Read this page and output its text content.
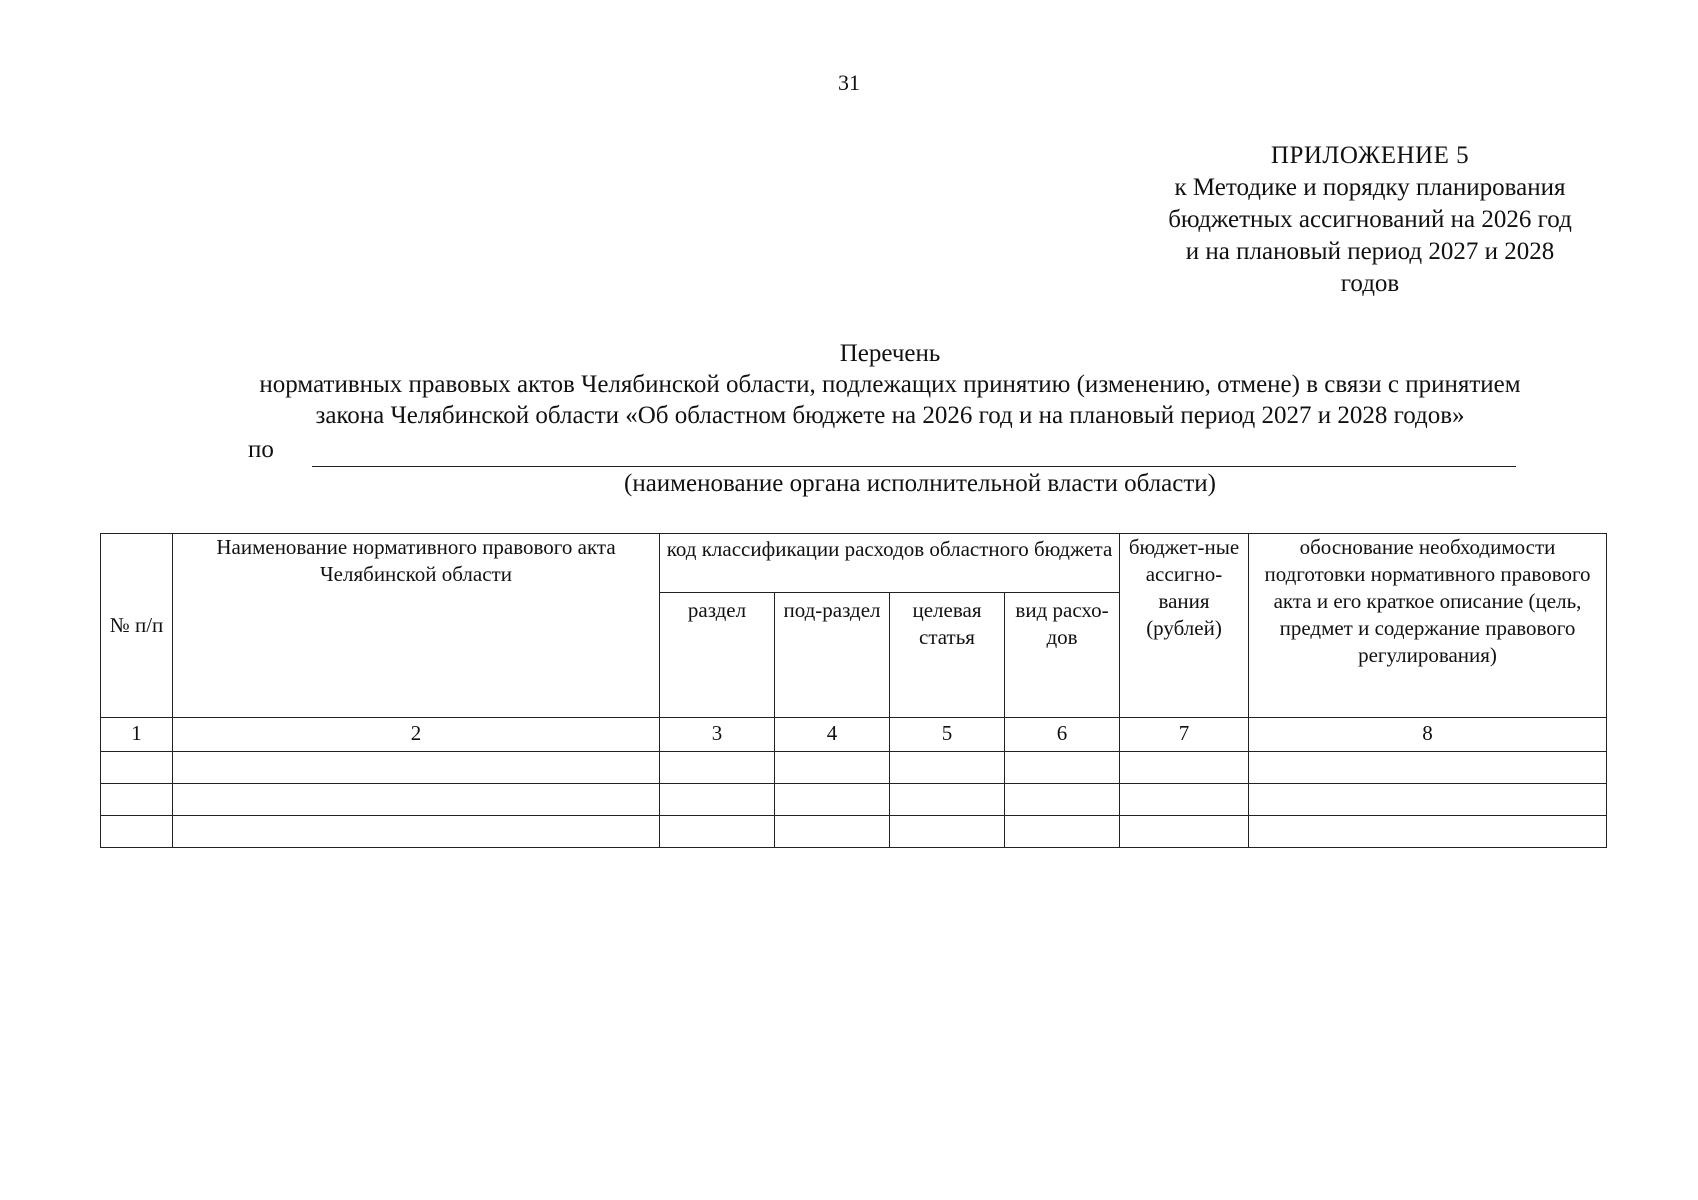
31
ПРИЛОЖЕНИЕ 5
к Методике и порядку планирования
бюджетных ассигнований на 2026 год
и на плановый период 2027 и 2028
годов
Перечень
нормативных правовых актов Челябинской области, подлежащих принятию (изменению, отмене) в связи с принятием
закона Челябинской области «Об областном бюджете на 2026 год и на плановый период 2027 и 2028 годов»
по
(наименование органа исполнительной власти области)
№ п/п	Наименование нормативного правового акта Челябинской области	код классификации расходов областного бюджета				бюджет-ные ассигно-вания (рублей)	обоснование необходимости подготовки нормативного правового акта и его краткое описание (цель, предмет и содержание правового регулирования)
		раздел	под-раздел	целевая статья	вид расхо-дов		
1	2	3	4	5	6	7	8
